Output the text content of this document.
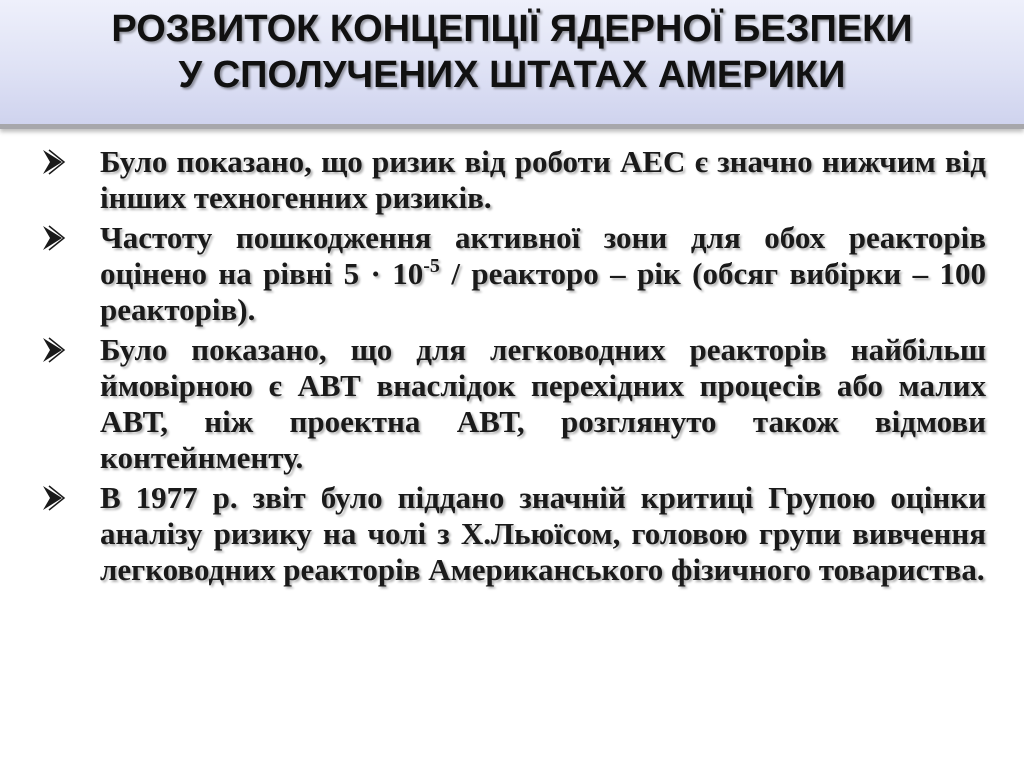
РОЗВИТОК КОНЦЕПЦІЇ ЯДЕРНОЇ БЕЗПЕКИ
У СПОЛУЧЕНИХ ШТАТАХ АМЕРИКИ

Було показано, що ризик від роботи АЕС є значно нижчим від інших техногенних ризиків.

Частоту пошкодження активної зони для обох реакторів оцінено на рівні $5 \cdot 10^{-5}$ / реакторо – рік (обсяг вибірки – 100 реакторів).

Було показано, що для легководних реакторів найбільш ймовірною є АВТ внаслідок перехідних процесів або малих АВТ, ніж проектна АВТ, розглянуто також відмови контейнменту.

В 1977 р. звіт було піддано значній критиці Групою оцінки аналізу ризику на чолі з Х.Льюїсом, головою групи вивчення легководних реакторів Американського фізичного товариства.
